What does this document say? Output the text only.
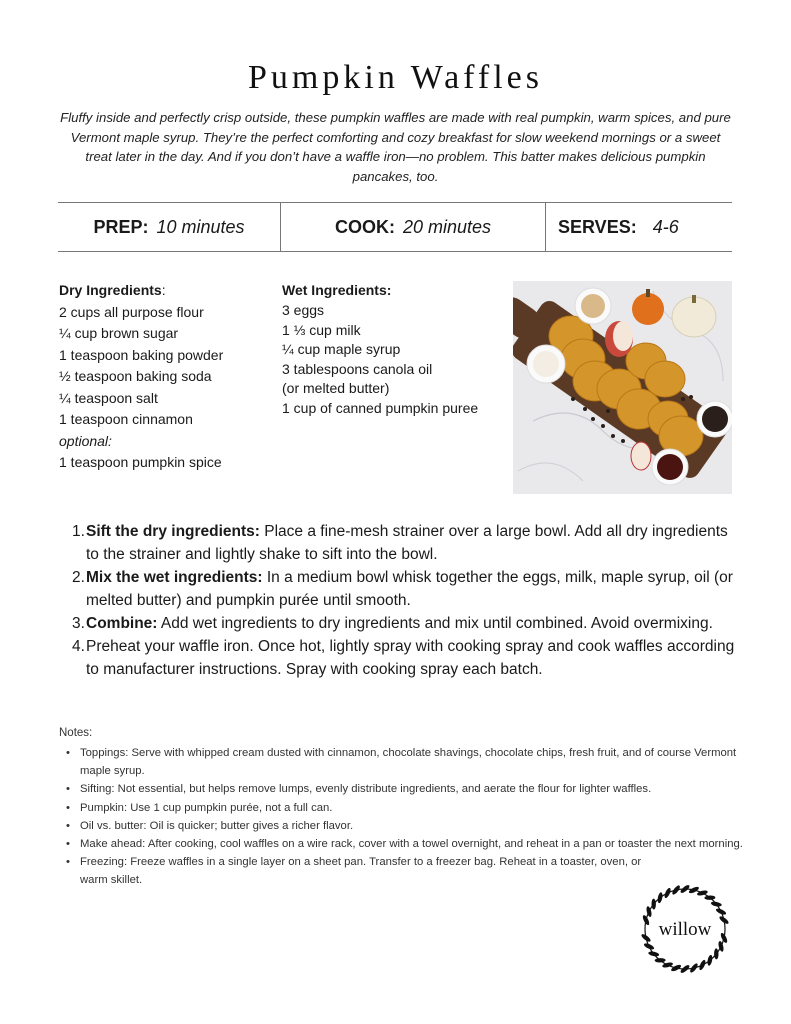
Pumpkin Waffles

Fluffy inside and perfectly crisp outside, these pumpkin waffles are made with real pumpkin, warm spices, and pure Vermont maple syrup. They’re the perfect comforting and cozy breakfast for slow weekend mornings or a sweet treat later in the day. And if you don’t have a waffle iron—no problem. This batter makes delicious pumpkin pancakes, too.

PREP: 10 minutes	COOK: 20 minutes	SERVES: 4-6
Dry Ingredients:
2 cups all purpose flour
¼ cup brown sugar
1 teaspoon baking powder
½ teaspoon baking soda
¼ teaspoon salt
1 teaspoon cinnamon
optional:
1 teaspoon pumpkin spice
Wet Ingredients:
3 eggs
1 ⅓ cup milk
¼ cup maple syrup
3 tablespoons canola oil
(or melted butter)
1 cup of canned pumpkin puree
1. Sift the dry ingredients: Place a fine-mesh strainer over a large bowl. Add all dry ingredients to the strainer and lightly shake to sift into the bowl.
2. Mix the wet ingredients: In a medium bowl whisk together the eggs, milk, maple syrup, oil (or melted butter) and pumpkin purée until smooth.
3. Combine: Add wet ingredients to dry ingredients and mix until combined. Avoid overmixing.
4. Preheat your waffle iron. Once hot, lightly spray with cooking spray and cook waffles according to manufacturer instructions. Spray with cooking spray each batch.
Notes:
• Toppings: Serve with whipped cream dusted with cinnamon, chocolate shavings, chocolate chips, fresh fruit, and of course Vermont maple syrup.
• Sifting: Not essential, but helps remove lumps, evenly distribute ingredients, and aerate the flour for lighter waffles.
• Pumpkin: Use 1 cup pumpkin purée, not a full can.
• Oil vs. butter: Oil is quicker; butter gives a richer flavor.
• Make ahead: After cooking, cool waffles on a wire rack, cover with a towel overnight, and reheat in a pan or toaster the next morning.
• Freezing: Freeze waffles in a single layer on a sheet pan. Transfer to a freezer bag. Reheat in a toaster, oven, or warm skillet.
willow
